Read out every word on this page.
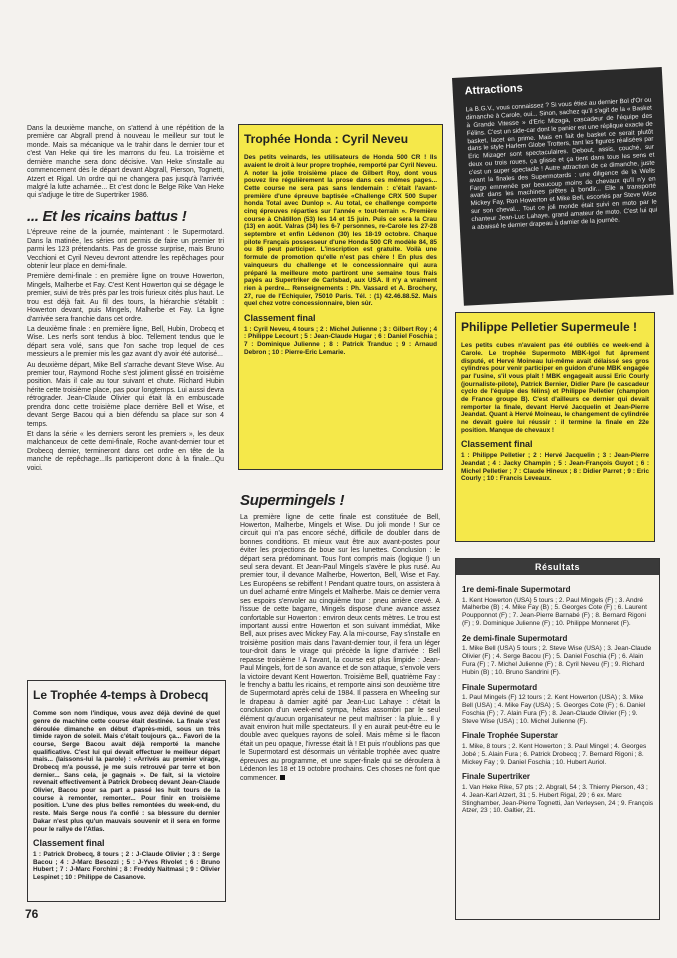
Dans la deuxième manche, on s'attend à une répétition de la première car Abgrall prend à nouveau le meilleur sur tout le monde. Mais sa mécanique va le trahir dans le dernier tour et c'est Van Heke qui tire les marrons du feu. La troisième et dernière manche sera donc décisive. Van Heke s'installe au commencement dès le départ devant Abgrall, Pierson, Tognetti, Atzert et Rigal. Un ordre qui ne changera pas jusqu'à l'arrivée malgré la lutte acharnée... Et c'est donc le Belge Rike Van Heke qui s'adjuge le titre de Supertriker 1986.

... Et les ricains battus !

L'épreuve reine de la journée, maintenant : le Supermotard. Dans la matinée, les séries ont permis de faire un premier tri parmi les 123 prétendants. Pas de grosse surprise, mais Bruno Vecchioni et Cyril Neveu devront attendre les repêchages pour obtenir leur place en demi-finale.

Première demi-finale : en première ligne on trouve Howerton, Mingels, Malherbe et Fay. C'est Kent Howerton qui se dégage le premier, suivi de très près par les trois furieux cités plus haut. Le trou est déjà fait. Au fil des tours, la hiérarchie s'établit : Howerton devant, puis Mingels, Malherbe et Fay. La ligne d'arrivée sera franchie dans cet ordre.

La deuxième finale : en première ligne, Bell, Hubin, Drobecq et Wise. Les nerfs sont tendus à bloc. Tellement tendus que le départ sera volé, sans que l'on sache trop lequel de ces messieurs a le premier mis les gaz avant d'y avoir été autorisé...

Au deuxième départ, Mike Bell s'arrache devant Steve Wise. Au premier tour, Raymond Roche s'est joliment glissé en troisième position. Mais il cale au tour suivant et chute. Richard Hubin hérite cette troisième place, pas pour longtemps. Lui aussi devra rétrograder. Jean-Claude Olivier qui était là en embuscade prendra donc cette troisième place derrière Bell et Wise, et devant Serge Bacou qui a bien défendu sa place sur son 4 temps.

Et dans la série « les derniers seront les premiers », les deux malchanceux de cette demi-finale, Roche avant-dernier tour et Drobecq dernier, termineront dans cet ordre en tête de la manche de repêchage...Ils participeront donc à la finale...Qu voici.

Le Trophée 4-temps à Drobecq

Comme son nom l'indique, vous avez déjà deviné de quel genre de machine cette course était destinée. La finale s'est déroulée dimanche en début d'après-midi, sous un très timide rayon de soleil. Mais c'était toujours ça... Favori de la course, Serge Bacou avait déjà remporté la manche qualificative. C'est lui qui devait effectuer le meilleur départ mais... (laissons-lui la parole) : «Arrivés au premier virage, Drobecq m'a poussé, je me suis retrouvé par terre et bon dernier... Sans cela, je gagnais ». De fait, si la victoire revenait effectivement à Patrick Drobecq devant Jean-Claude Olivier, Bacou pour sa part a passé les huit tours de la course à remonter, remonter... Pour finir en troisième position. L'une des plus belles remontées du week-end, du reste. Mais Serge nous l'a confié : sa blessure du dernier Dakar n'est plus qu'un mauvais souvenir et il sera en forme pour le rallye de l'Atlas.

Classement final

1 : Patrick Drobecq, 8 tours ; 2 : J-Claude Olivier ; 3 : Serge Bacou ; 4 : J-Marc Besozzi ; 5 : J-Yves Rivolet ; 6 : Bruno Hubert ; 7 : J-Marc Forchini ; 8 : Freddy Naitmasi ; 9 : Olivier Lespinet ; 10 : Philippe de Casanove.

Trophée Honda : Cyril Neveu

Des petits veinards, les utilisateurs de Honda 500 CR ! Ils avaient le droit à leur propre trophée, remporté par Cyril Neveu. A noter la jolie troisième place de Gilbert Roy, dont vous pouvez lire régulièrement la prose dans ces mêmes pages... Cette course ne sera pas sans lendemain : c'était l'avant-première d'une épreuve baptisée «Challenge CRX 500 Super honda Total avec Dunlop ». Au total, ce challenge comporte cinq épreuves réparties sur l'année « tout-terrain ». Première course à Châtillon (53) les 14 et 15 juin. Puis ce sera la Crau (13) en août. Valras (34) les 6-7 personnes, re-Carole les 27-28 septembre et enfin Lédenon (30) les 18-19 octobre. Chaque pilote Français possesseur d'une Honda 500 CR modèle 84, 85 ou 86 peut participer. L'inscription est gratuite. Voilà une formule de promotion qu'elle n'est pas chère ! En plus des vainqueurs du challenge et le concessionnaire qui aura préparé la meilleure moto partiront une semaine tous frais payés au Supertriker de Carlsbad, aux USA. Il n'y a vraiment rien à perdre... Renseignements : Ph. Vassard et A. Brochery, 27, rue de l'Echiquier, 75010 Paris. Tél. : (1) 42.46.88.52. Mais quel chez votre concessionnaire, bien sûr.

Classement final

1 : Cyril Neveu, 4 tours ; 2 : Michel Julienne ; 3 : Gilbert Roy ; 4 : Philippe Lecourt ; 5 : Jean-Claude Hugar ; 6 : Daniel Foschia ; 7 : Dominique Julienne ; 8 : Patrick Tranduc ; 9 : Arnaud Debron ; 10 : Pierre-Eric Lemarie.

Supermingels !

La première ligne de cette finale est constituée de Bell, Howerton, Malherbe, Mingels et Wise. Du joli monde ! Sur ce circuit qui n'a pas encore séché, difficile de doubler dans de bonnes conditions. Et mieux vaut être aux avant-postes pour éviter les projections de boue sur les lunettes. Conclusion : le départ sera prédominant. Tous l'ont compris mais (logique !) un seul sera devant. Et Jean-Paul Mingels s'avère le plus rusé. Au premier tour, il devance Malherbe, Howerton, Bell, Wise et Fay. Les Européens se rebiffent ! Pendant quatre tours, on assistera à un duel acharné entre Mingels et Malherbe. Mais ce dernier verra ses espoirs s'envoler au cinquième tour : pneu arrière crevé. A l'issue de cette bagarre, Mingels dispose d'une avance assez confortable sur Howerton : environ deux cents mètres. Le trou est important aussi entre Howerton et son suivant immédiat, Mike Bell, aux prises avec Mickey Fay. A la mi-course, Fay s'installe en troisième position mais dans l'avant-dernier tour, il fera un léger tour-droit dans le virage qui précède la ligne d'arrivée : Bell repasse troisième ! A l'avant, la course est plus limpide : Jean-Paul Mingels, fort de son avance et de son attaque, s'envole vers la victoire devant Kent Howerton. Troisième Bell, quatrième Fay : le frenchy a battu les ricains, et remporte ainsi son deuxième titre de Supermotard après celui de 1984. Il passera en Wheeling sur le drapeau à damier agité par Jean-Luc Lahaye : c'était la conclusion d'un week-end sympa, hélas assombri par le seul élément qu'aucun organisateur ne peut maîtriser : la pluie... Il y avait environ huit mille spectateurs. Il y en aurait peut-être eu le double avec quelques rayons de soleil. Mais même si le flacon était un peu opaque, l'ivresse était là ! Et puis n'oublions pas que le Supermotard est désormais un véritable trophée avec quatre épreuves au programme, et une super-finale qui se déroulera à Lédenon les 18 et 19 octobre prochains. Ces choses ne font que commencer.

Attractions

La B.G.V., vous connaissez ? Si vous étiez au dernier Bol d'Or ou dimanche à Carole, oui... Sinon, sachez qu'il s'agit de la « Basket à Grande Vitesse » d'Eric Mizaga, cascadeur de l'équipe des Félins. C'est un side-car dont le panier est une réplique exacte de basket, lacet en prime. Mais en fait de basket ce serait plutôt dans le style Harlem Globe Trotters, tant les figures réalisées par Eric Mizager sont spectaculaires. Debout, assis, couché, sur deux ou trois roues, ça glisse et ça tient dans tous les sens et c'est un super spectacle ! Autre attraction de ce dimanche, juste avant la finales des Supermotards : une diligence de la Wells Fargo emmenée par beaucoup moins de chevaux qu'il n'y en avait dans les machines prêtes à bondir... Elle a transporté Mickey Fay, Ron Howerton et Mike Bell, escortés par Steve Wise sur son cheval... Tout ce joli monde était suivi en moto par le chanteur Jean-Luc Lahaye, grand amateur de moto. C'est lui qui a abaissé le dernier drapeau à damier de la journée.

Philippe Pelletier Supermeule !

Les petits cubes n'avaient pas été oubliés ce week-end à Carole. Le trophée Supermoto MBK-Igol fut âprement disputé, et Hervé Moineau lui-même avait délaissé ses gros cylindres pour venir participer en guidon d'une MBK engagée par l'usine, s'il vous plaît ! MBK engageait aussi Eric Courly (journaliste-pilote), Patrick Bernier, Didier Pare (le cascadeur cyclo de l'équipe des félins) et Philippe Pelletier (champion de France groupe B). C'est d'ailleurs ce dernier qui devait remporter la finale, devant Hervé Jacquelin et Jean-Pierre Jeandat. Quant à Hervé Moineau, le changement de cylindrée ne devait guère lui réussir : il termine la finale en 22e position. Manque de chevaux !

Classement final

1 : Philippe Pelletier ; 2 : Hervé Jacquelin ; 3 : Jean-Pierre Jeandat ; 4 : Jacky Champin ; 5 : Jean-François Guyot ; 6 : Michel Pelletier ; 7 : Claude Hineux ; 8 : Didier Parret ; 9 : Eric Courly ; 10 : Francis Leveaux.

Résultats
1re demi-finale Supermotard

1. Kent Howerton (USA) 5 tours ; 2. Paul Mingels (F) ; 3. André Malherbe (B) ; 4. Mike Fay (B) ; 5. Georges Cote (F) ; 6. Laurent Poupponnot (F) ; 7. Jean-Pierre Barnabé (F) ; 8. Bernard Rigoni (F) ; 9. Dominique Julienne (F) ; 10. Philippe Monneret (F).

2e demi-finale Supermotard

1. Mike Bell (USA) 5 tours ; 2. Steve Wise (USA) ; 3. Jean-Claude Olivier (F) ; 4. Serge Bacou (F) ; 5. Daniel Foschia (F) ; 6. Alain Fura (F) ; 7. Michel Julienne (F) ; 8. Cyril Neveu (F) ; 9. Richard Hubin (B) ; 10. Bruno Sandrini (F).

Finale Supermotard

1. Paul Mingels (F) 12 tours ; 2. Kent Howerton (USA) ; 3. Mike Bell (USA) ; 4. Mike Fay (USA) ; 5. Georges Cote (F) ; 6. Daniel Foschia (F) ; 7. Alain Fura (F) ; 8. Jean-Claude Olivier (F) ; 9. Steve Wise (USA) ; 10. Michel Julienne (F).

Finale Trophée Superstar

1. Mike, 8 tours ; 2. Kent Howerton ; 3. Paul Mingel ; 4. Georges Jobé ; 5. Alain Fura ; 6. Patrick Drobecq ; 7. Bernard Rigoni ; 8. Mickey Fay ; 9. Daniel Foschia ; 10. Hubert Auriol.

Finale Supertriker

1. Van Heke Rike, 57 pts ; 2. Abgrall, 54 ; 3. Thierry Pierson, 43 ; 4. Jean-Karl Atzert, 31 ; 5. Hubert Rigal, 29 ; 6 ex. Marc Stinghamber, Jean-Pierre Tognetti, Jan Verleysen, 24 ; 9. François Atzer, 23 ; 10. Galtier, 21.

76
